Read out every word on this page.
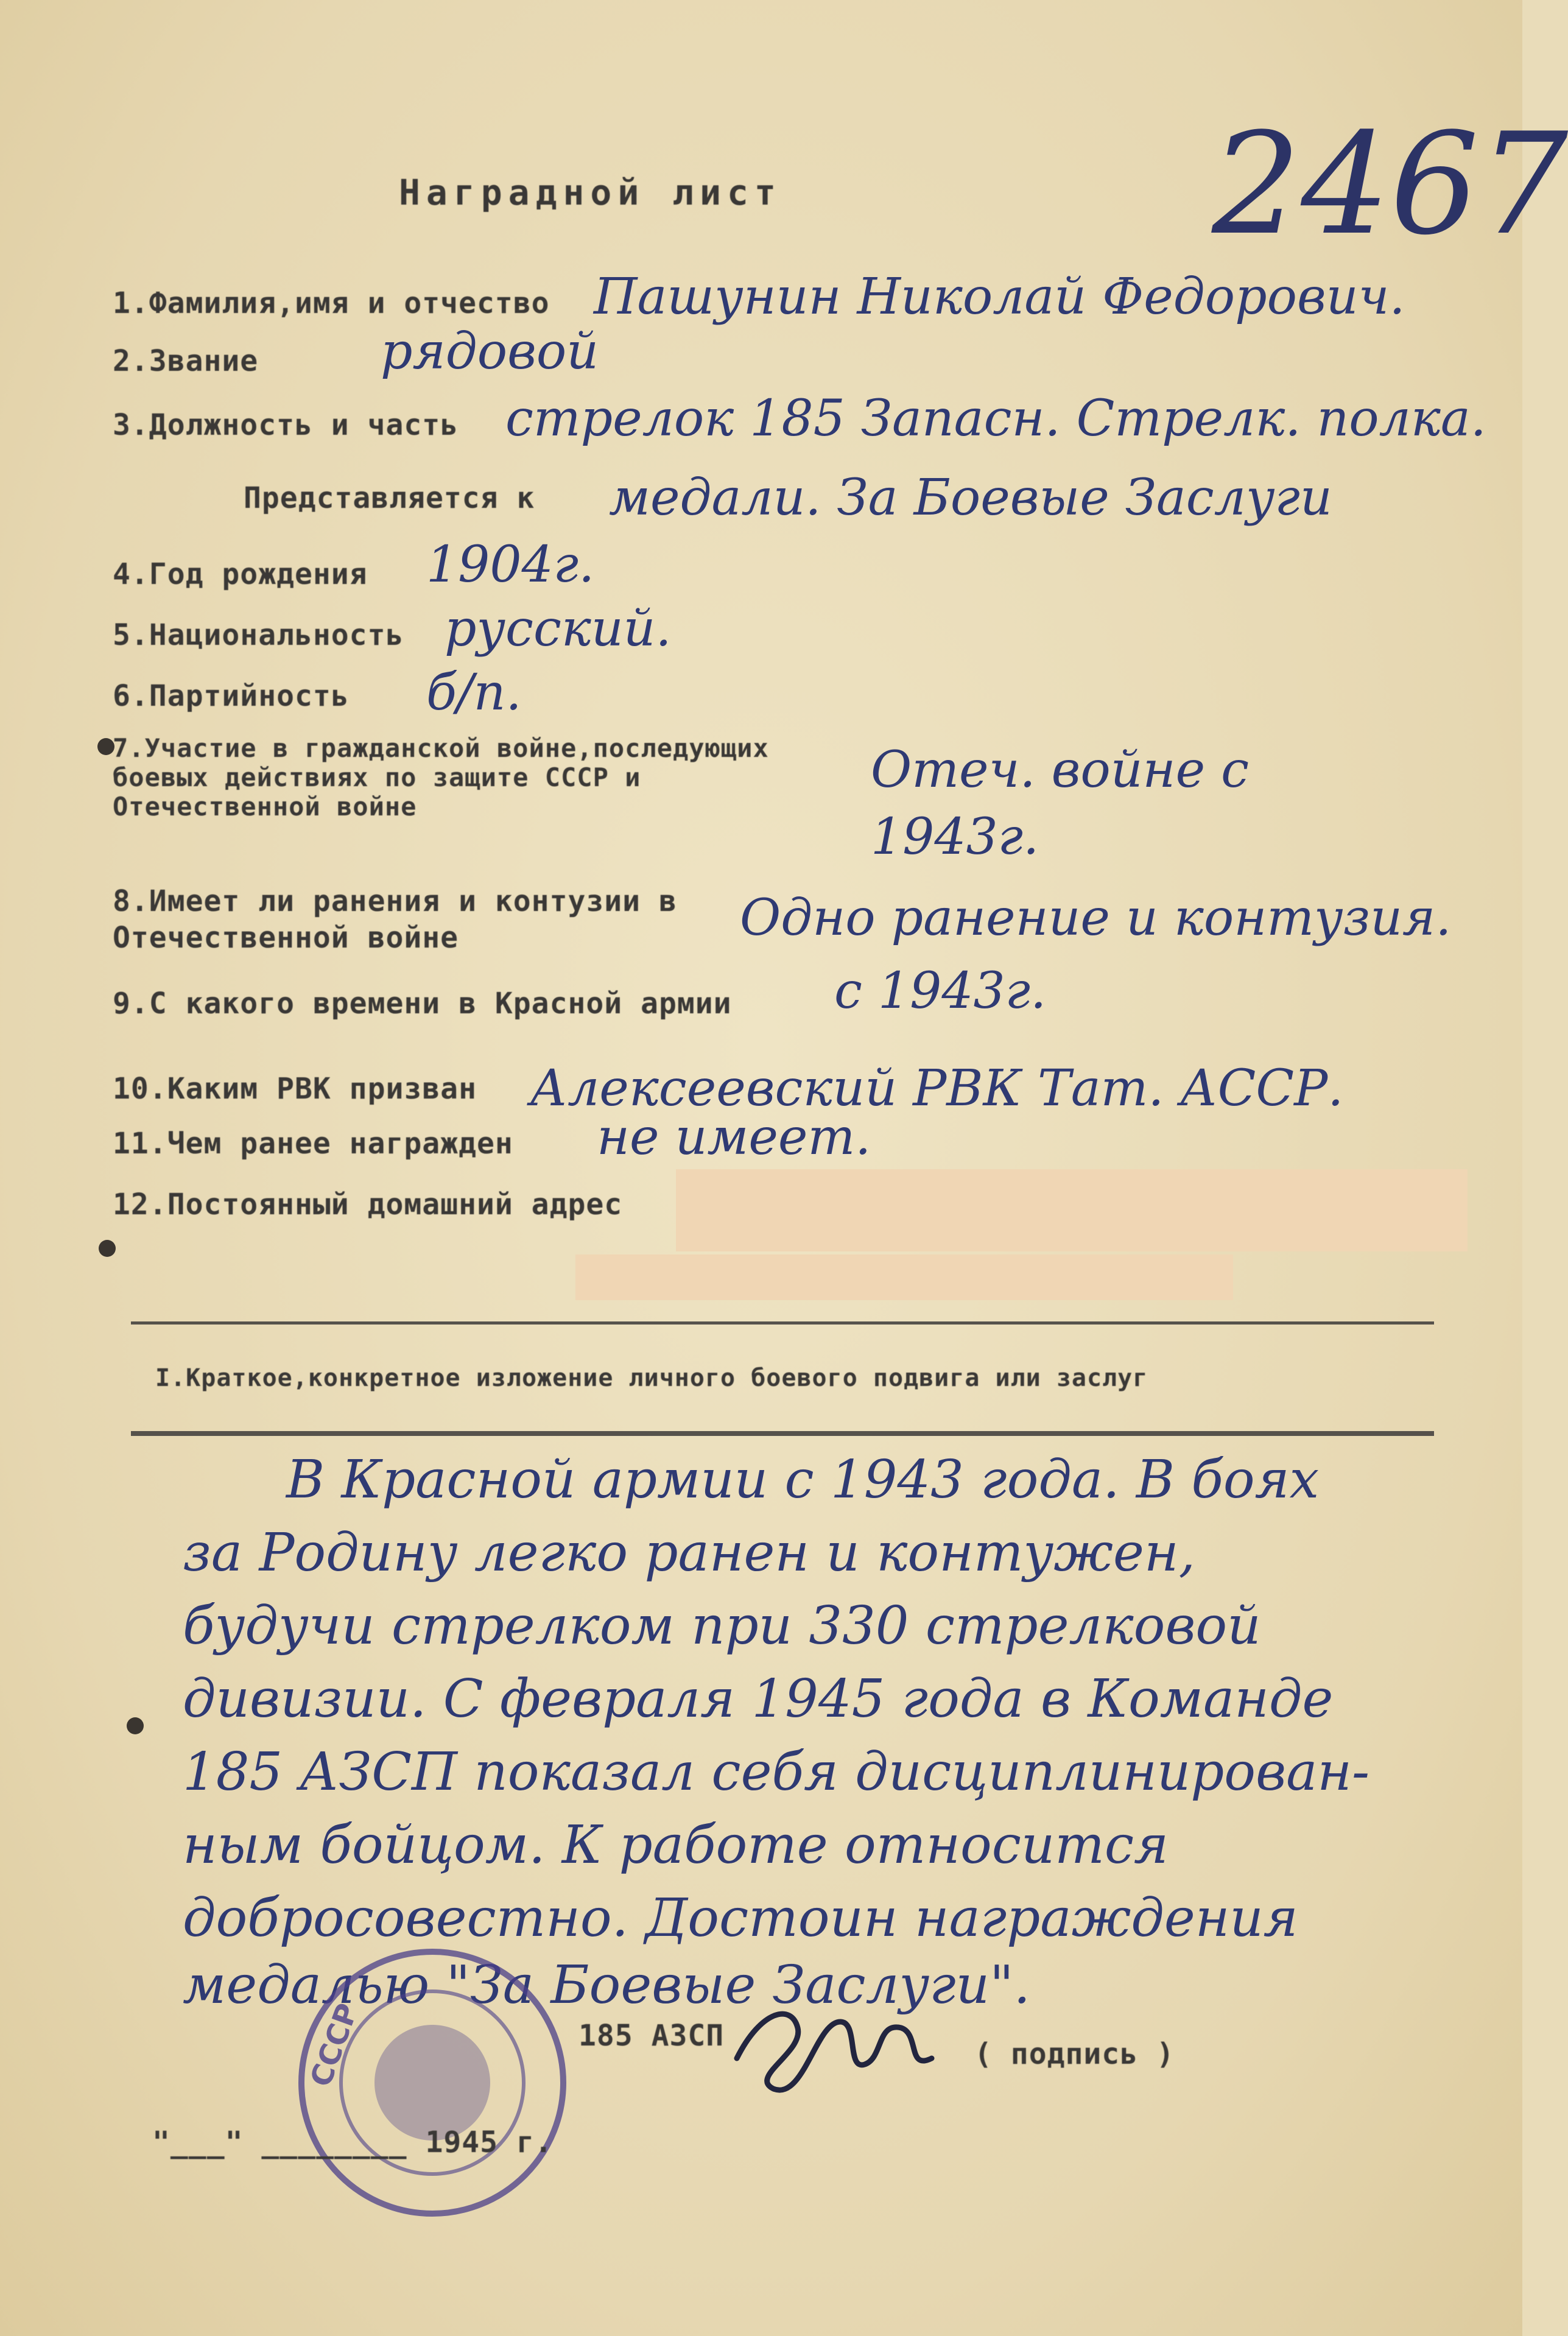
Наградной лист	2467
1.Фамилия,имя и отчество Пашунин Николай Федорович.
2.Звание рядовой
3.Должность и часть стрелок 185 Запасн. Стрелк. полка.
Представляется к медали. За Боевые Заслуги
4.Год рождения 1904г.
5.Национальность русский.
6.Партийность б/п.
7.Участие в гражданской войне,последующих боевых действиях по защите СССР и Отечественной войне
Отеч. войне с 1943г.
8.Имеет ли ранения и контузии в Отечественной войне	Одно ранение и контузия.
9.С какого времени в Красной армии с 1943г.
10.Каким РВК призван Алексеевский РВК Тат. АССР.
11.Чем ранее награжден не имеет.
12.Постоянный домашний адрес
I.Краткое,конкретное изложение личного боевого подвига или заслуг
В Красной армии с 1943 года. В боях
за Родину легко ранен и контужен,
будучи стрелком при 330 стрелковой
дивизии. С февраля 1945 года в Команде
185 АЗСП показал себя дисциплинирован-
ным бойцом. К работе относится
добросовестно. Достоин награждения
медалью "За Боевые Заслуги".
СССР	185 АЗСП
( подпись )
"___" ________ 1945 г.
